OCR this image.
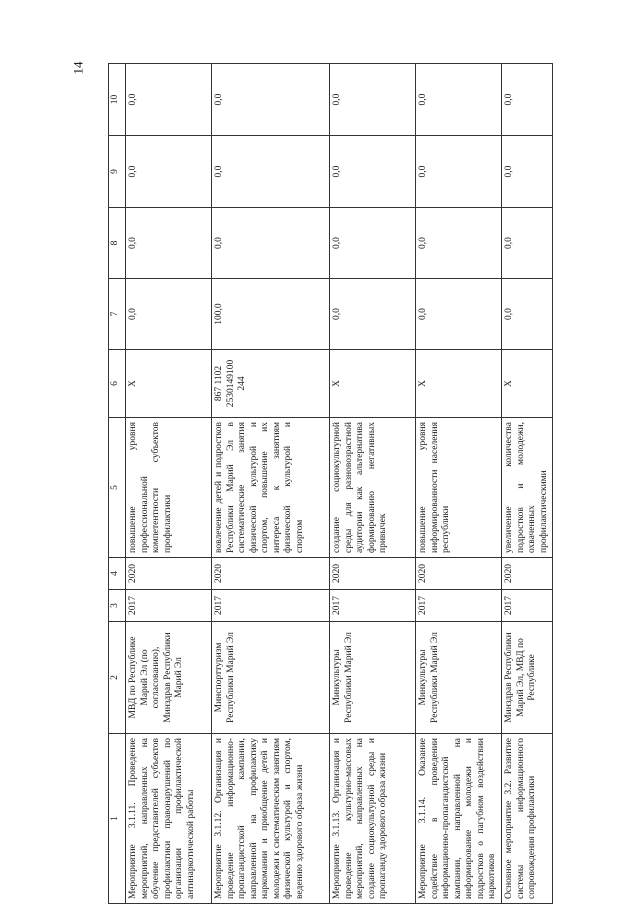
14
1	2	3	4	5	6	7	8	9	10
Мероприятие 3.1.11. Проведение мероприятий, направленных на обучение представителей субъектов профилактики правонарушений по организации профилактической антинаркотической работы	МВД по Республике Марий Эл (по согласованию), Минздрав Республики Марий Эл	2017	2020	повышение уровня профессиональной компетентности субъектов профилактики	X	0,0	0,0	0,0	0,0
Мероприятие 3.1.12. Организация и проведение информационно-пропагандистской кампании, направленной на профилактику наркомании и приобщение детей и молодежи к систематическим занятиям физической культурой и спортом, ведению здорового образа жизни	Минспорттуризм Республики Марий Эл	2017	2020	вовлечение детей и подростков Республики Марий Эл в систематические занятия физической культурой и спортом, повышение их интереса к занятиям физической культурой и спортом	867 1102 2530149100 244	100,0	0,0	0,0	0,0
Мероприятие 3.1.13. Организация и проведение культурно-массовых мероприятий, направленных на создание социокультурной среды и пропаганду здорового образа жизни	Минкультуры Республики Марий Эл	2017	2020	создание социокультурной среды для разновозрастной аудитории как альтернатива формированию негативных привычек	X	0,0	0,0	0,0	0,0
Мероприятие 3.1.14. Оказание содействие в проведении информационно-пропагандистской кампании, направленной на информирование молодежи и подростков о пагубном воздействии наркотиков	Минкультуры Республики Марий Эл	2017	2020	повышение уровня информированности населения республики	X	0,0	0,0	0,0	0,0
Основное мероприятие 3.2. Развитие системы информационного сопровождения профилактики	Минздрав Республики Марий Эл, МВД по Республике	2017	2020	увеличение количества подростков и молодежи, охваченных профилактическими	X	0,0	0,0	0,0	0,0
